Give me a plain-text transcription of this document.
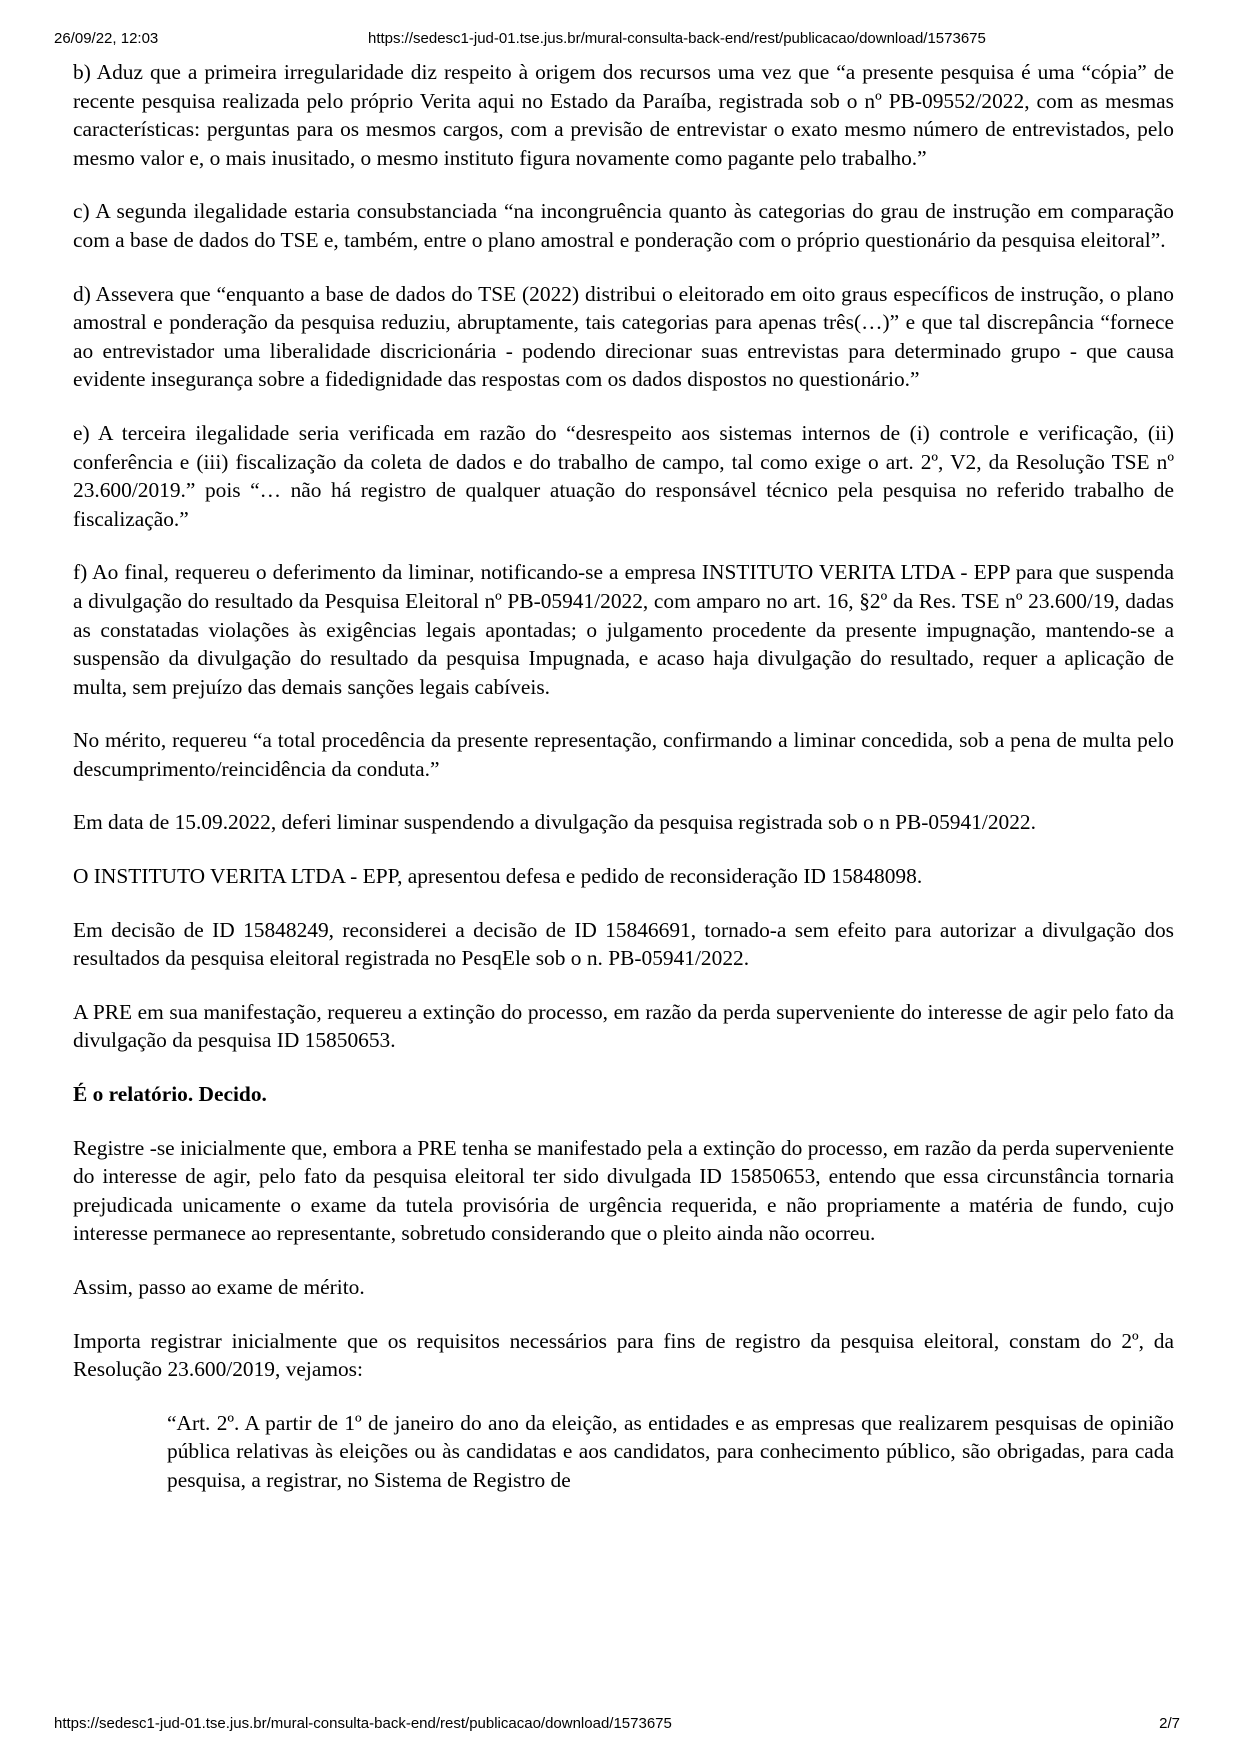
26/09/22, 12:03	https://sedesc1-jud-01.tse.jus.br/mural-consulta-back-end/rest/publicacao/download/1573675

b) Aduz que a primeira irregularidade diz respeito à origem dos recursos uma vez que “a presente pesquisa é uma “cópia” de recente pesquisa realizada pelo próprio Verita aqui no Estado da Paraíba, registrada sob o nº PB-09552/2022, com as mesmas características: perguntas para os mesmos cargos, com a previsão de entrevistar o exato mesmo número de entrevistados, pelo mesmo valor e, o mais inusitado, o mesmo instituto figura novamente como pagante pelo trabalho.”

c) A segunda ilegalidade estaria consubstanciada “na incongruência quanto às categorias do grau de instrução em comparação com a base de dados do TSE e, também, entre o plano amostral e ponderação com o próprio questionário da pesquisa eleitoral”.

d) Assevera que “enquanto a base de dados do TSE (2022) distribui o eleitorado em oito graus específicos de instrução, o plano amostral e ponderação da pesquisa reduziu, abruptamente, tais categorias para apenas três(…)” e que tal discrepância “fornece ao entrevistador uma liberalidade discricionária - podendo direcionar suas entrevistas para determinado grupo - que causa evidente insegurança sobre a fidedignidade das respostas com os dados dispostos no questionário.”

e) A terceira ilegalidade seria verificada em razão do “desrespeito aos sistemas internos de (i) controle e verificação, (ii) conferência e (iii) fiscalização da coleta de dados e do trabalho de campo, tal como exige o art. 2º, V2, da Resolução TSE nº 23.600/2019.” pois “… não há registro de qualquer atuação do responsável técnico pela pesquisa no referido trabalho de fiscalização.”

f) Ao final, requereu o deferimento da liminar, notificando-se a empresa INSTITUTO VERITA LTDA - EPP para que suspenda a divulgação do resultado da Pesquisa Eleitoral nº PB-05941/2022, com amparo no art. 16, §2º da Res. TSE nº 23.600/19, dadas as constatadas violações às exigências legais apontadas; o julgamento procedente da presente impugnação, mantendo-se a suspensão da divulgação do resultado da pesquisa Impugnada, e acaso haja divulgação do resultado, requer a aplicação de multa, sem prejuízo das demais sanções legais cabíveis.

No mérito, requereu “a total procedência da presente representação, confirmando a liminar concedida, sob a pena de multa pelo descumprimento/reincidência da conduta.”

Em data de 15.09.2022, deferi liminar suspendendo a divulgação da pesquisa registrada sob o n PB-05941/2022.

O INSTITUTO VERITA LTDA - EPP, apresentou defesa e pedido de reconsideração ID 15848098.

Em decisão de ID 15848249, reconsiderei a decisão de ID 15846691, tornado-a sem efeito para autorizar a divulgação dos resultados da pesquisa eleitoral registrada no PesqEle sob o n. PB-05941/2022.

A PRE em sua manifestação, requereu a extinção do processo, em razão da perda superveniente do interesse de agir pelo fato da divulgação da pesquisa ID 15850653.

É o relatório. Decido.

Registre -se inicialmente que, embora a PRE tenha se manifestado pela a extinção do processo, em razão da perda superveniente do interesse de agir, pelo fato da pesquisa eleitoral ter sido divulgada ID 15850653, entendo que essa circunstância tornaria prejudicada unicamente o exame da tutela provisória de urgência requerida, e não propriamente a matéria de fundo, cujo interesse permanece ao representante, sobretudo considerando que o pleito ainda não ocorreu.

Assim, passo ao exame de mérito.

Importa registrar inicialmente que os requisitos necessários para fins de registro da pesquisa eleitoral, constam do 2º, da Resolução 23.600/2019, vejamos:

“Art. 2º. A partir de 1º de janeiro do ano da eleição, as entidades e as empresas que realizarem pesquisas de opinião pública relativas às eleições ou às candidatas e aos candidatos, para conhecimento público, são obrigadas, para cada pesquisa, a registrar, no Sistema de Registro de

https://sedesc1-jud-01.tse.jus.br/mural-consulta-back-end/rest/publicacao/download/1573675	2/7
